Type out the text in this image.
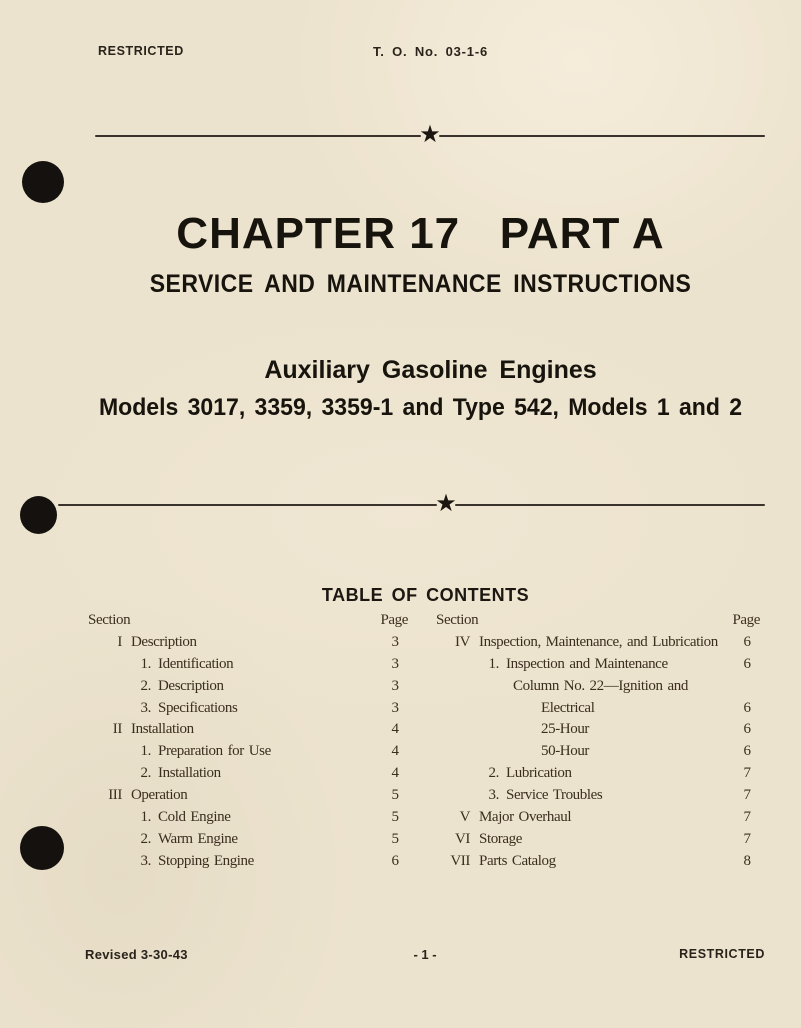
RESTRICTED	T. O. No. 03-1-6
★
CHAPTER 17   PART A
SERVICE AND MAINTENANCE INSTRUCTIONS
Auxiliary Gasoline Engines
Models 3017, 3359, 3359-1 and Type 542, Models 1 and 2
★
TABLE OF CONTENTS
Section	Page
I Description	3
1. Identification	3
2. Description	3
3. Specifications	3
II Installation	4
1. Preparation for Use	4
2. Installation	4
III Operation	5
1. Cold Engine	5
2. Warm Engine	5
3. Stopping Engine	6
Section	Page
IV Inspection, Maintenance, and Lubrication	6
1. Inspection and Maintenance	6
Column No. 22—Ignition and
Electrical	6
25-Hour	6
50-Hour	6
2. Lubrication	7
3. Service Troubles	7
V Major Overhaul	7
VI Storage	7
VII Parts Catalog	8
Revised 3-30-43	- 1 -	RESTRICTED
